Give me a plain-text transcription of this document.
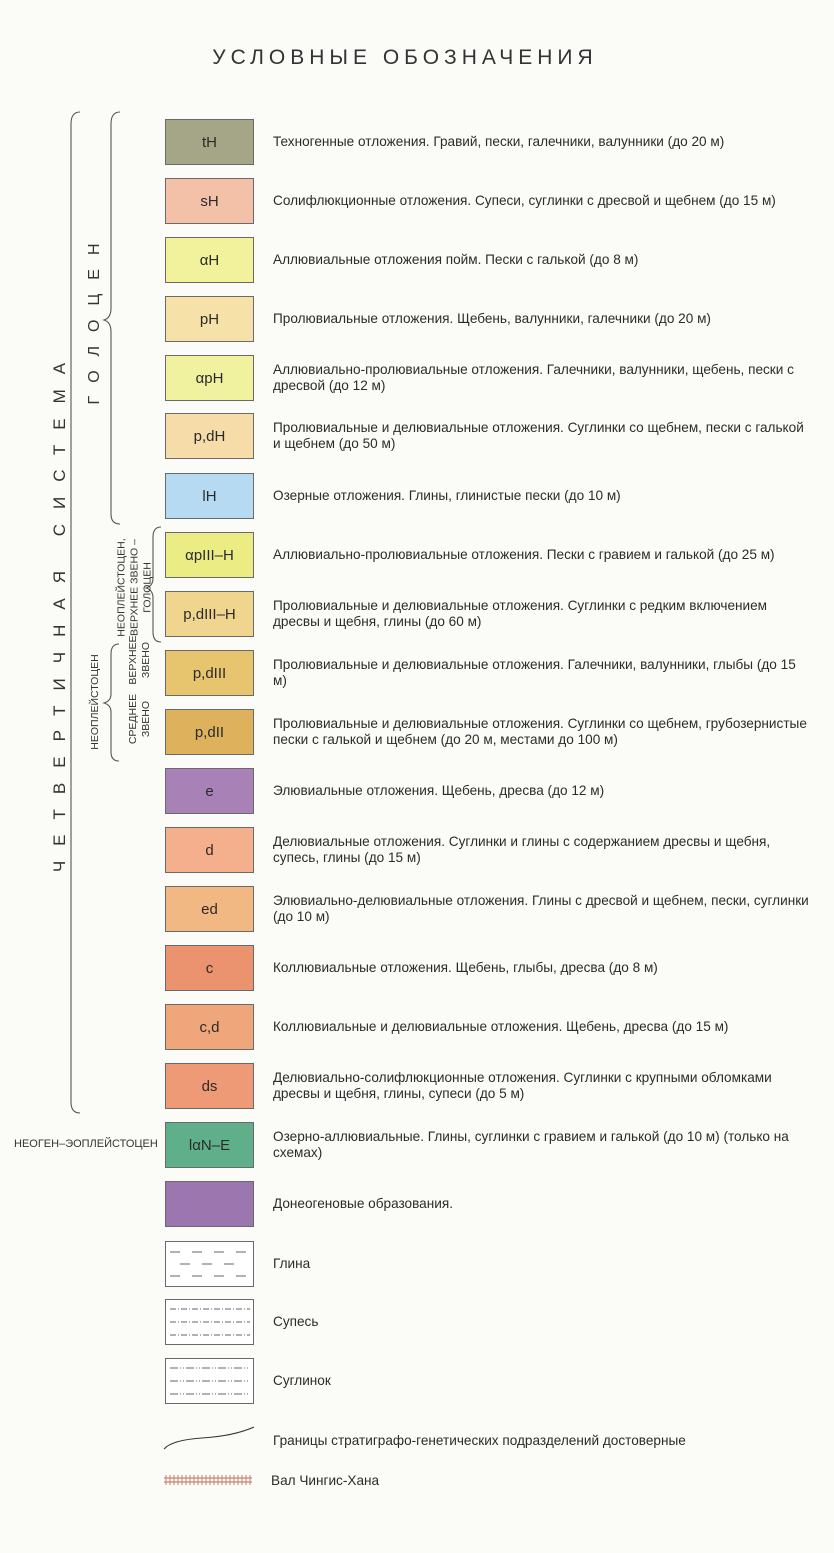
УСЛОВНЫЕ ОБОЗНАЧЕНИЯ
ЧЕТВЕРТИЧНАЯ СИСТЕМА
ГОЛОЦЕН
НЕОПЛЕЙСТОЦЕН, ВЕРХНЕЕ ЗВЕНО – ГОЛОЦЕН
НЕОПЛЕЙСТОЦЕН ВЕРХНЕЕ ЗВЕНО
СРЕДНЕЕ ЗВЕНО
НЕОГЕН–ЭОПЛЕЙСТОЦЕН
tH	Техногенные отложения. Гравий, пески, галечники, валунники (до 20 м)
sH	Солифлюкционные отложения. Супеси, суглинки с дресвой и щебнем (до 15 м)
αH	Аллювиальные отложения пойм. Пески с галькой (до 8 м)
pH	Пролювиальные отложения. Щебень, валунники, галечники (до 20 м)
αpH	Аллювиально-пролювиальные отложения. Галечники, валунники, щебень, пески с дресвой (до 12 м)
p,dH	Пролювиальные и делювиальные отложения. Суглинки со щебнем, пески с галькой и щебнем (до 50 м)
lH	Озерные отложения. Глины, глинистые пески (до 10 м)
αpIII–H	Аллювиально-пролювиальные отложения. Пески с гравием и галькой (до 25 м)
p,dIII–H	Пролювиальные и делювиальные отложения. Суглинки с редким включением дресвы и щебня, глины (до 60 м)
p,dIII	Пролювиальные и делювиальные отложения. Галечники, валунники, глыбы (до 15 м)
p,dII	Пролювиальные и делювиальные отложения. Суглинки со щебнем, грубозернистые пески с галькой и щебнем (до 20 м, местами до 100 м)
e	Элювиальные отложения. Щебень, дресва (до 12 м)
d	Делювиальные отложения. Суглинки и глины с содержанием дресвы и щебня, супесь, глины (до 15 м)
ed	Элювиально-делювиальные отложения. Глины с дресвой и щебнем, пески, суглинки (до 10 м)
c	Коллювиальные отложения. Щебень, глыбы, дресва (до 8 м)
c,d	Коллювиальные и делювиальные отложения. Щебень, дресва (до 15 м)
ds	Делювиально-солифлюкционные отложения. Суглинки с крупными обломками дресвы и щебня, глины, супеси (до 5 м)
lαN–E	Озерно-аллювиальные. Глины, суглинки с гравием и галькой (до 10 м) (только на схемах)
Донеогеновые образования.
Глина
Супесь
Суглинок
Границы стратиграфо-генетических подразделений достоверные
Вал Чингис-Хана
